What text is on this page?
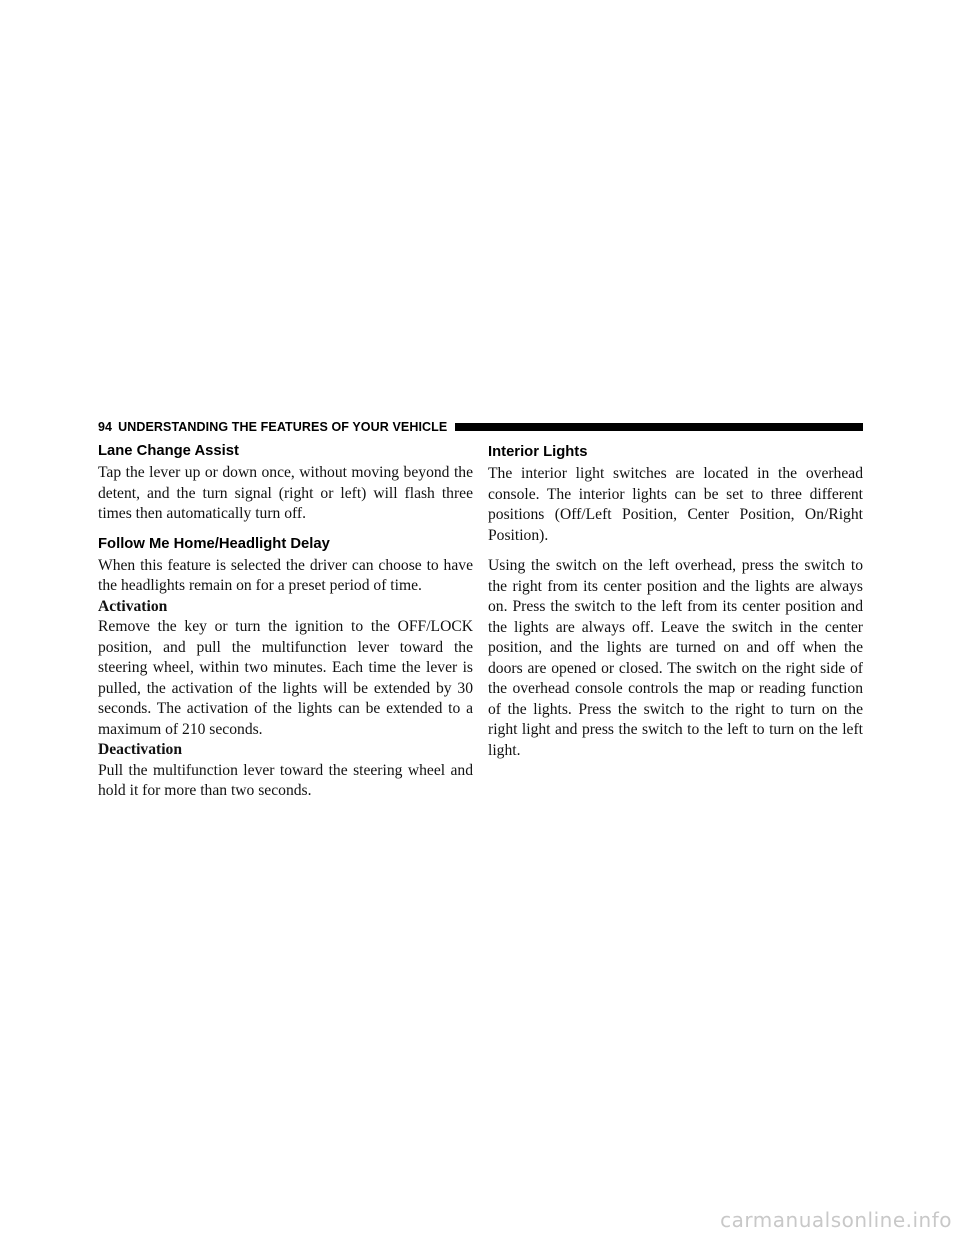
94 UNDERSTANDING THE FEATURES OF YOUR VEHICLE
Lane Change Assist

Tap the lever up or down once, without moving beyond the detent, and the turn signal (right or left) will flash three times then automatically turn off.

Follow Me Home/Headlight Delay

When this feature is selected the driver can choose to have the headlights remain on for a preset period of time.

Activation

Remove the key or turn the ignition to the OFF/LOCK position, and pull the multifunction lever toward the steering wheel, within two minutes. Each time the lever is pulled, the activation of the lights will be extended by 30 seconds. The activation of the lights can be extended to a maximum of 210 seconds.

Deactivation

Pull the multifunction lever toward the steering wheel and hold it for more than two seconds.

Interior Lights

The interior light switches are located in the overhead console. The interior lights can be set to three different positions (Off/Left Position, Center Position, On/Right Position).

Using the switch on the left overhead, press the switch to the right from its center position and the lights are always on. Press the switch to the left from its center position and the lights are always off. Leave the switch in the center position, and the lights are turned on and off when the doors are opened or closed. The switch on the right side of the overhead console controls the map or reading function of the lights. Press the switch to the right to turn on the right light and press the switch to the left to turn on the left light.

carmanualsonline.info
